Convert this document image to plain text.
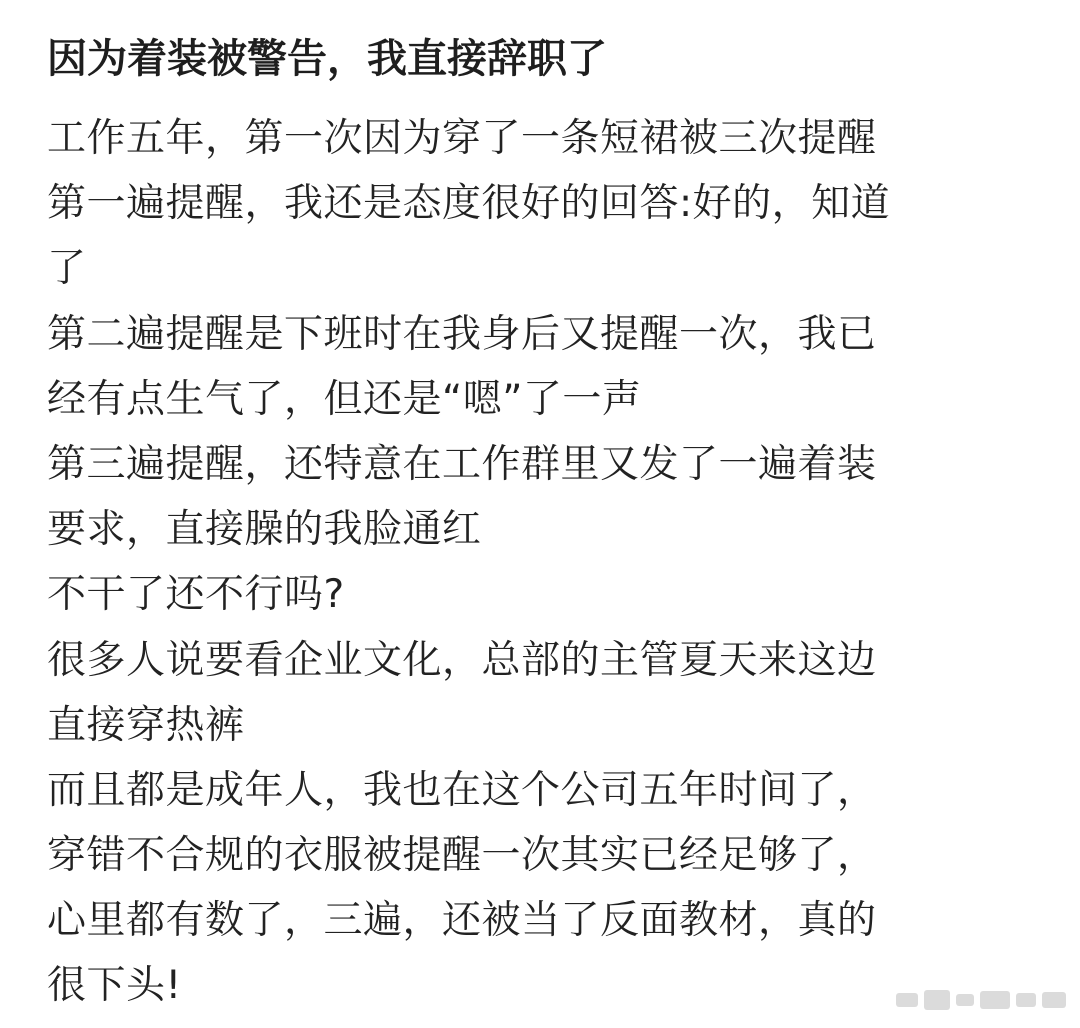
因为着装被警告，我直接辞职了
工作五年，第一次因为穿了一条短裙被三次提醒
第一遍提醒，我还是态度很好的回答:好的，知道
了
第二遍提醒是下班时在我身后又提醒一次，我已
经有点生气了，但还是“嗯”了一声
第三遍提醒，还特意在工作群里又发了一遍着装
要求，直接臊的我脸通红
不干了还不行吗?
很多人说要看企业文化，总部的主管夏天来这边
直接穿热裤
而且都是成年人，我也在这个公司五年时间了，
穿错不合规的衣服被提醒一次其实已经足够了，
心里都有数了，三遍，还被当了反面教材，真的
很下头!
